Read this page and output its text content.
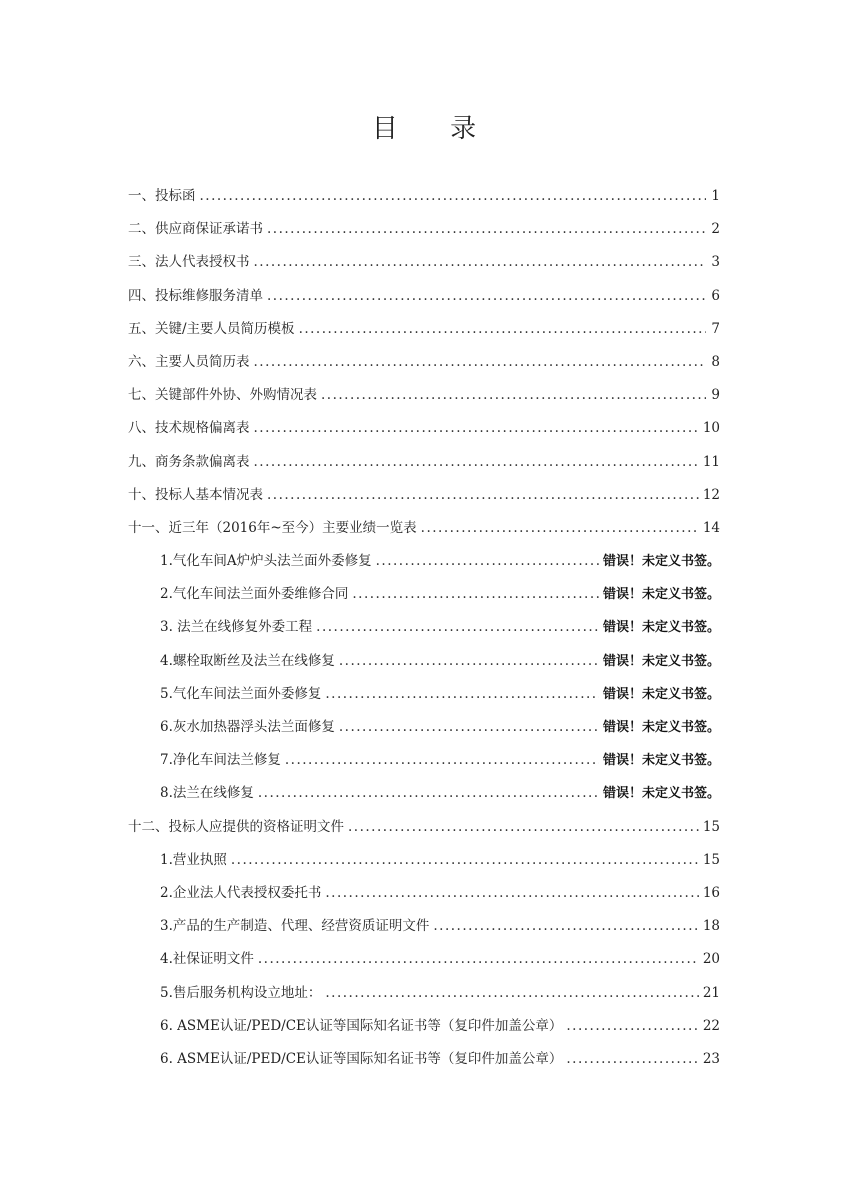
目 录
一、投标函 .....	1
二、供应商保证承诺书 .....	2
三、法人代表授权书 .....	3
四、投标维修服务清单 .....	6
五、关键/主要人员简历模板 .....	7
六、主要人员简历表 .....	8
七、关键部件外协、外购情况表 .....	9
八、技术规格偏离表 .....	10
九、商务条款偏离表 .....	11
十、投标人基本情况表 .....	12
十一、近三年（2016年~至今）主要业绩一览表 .....	14
1.气化车间A炉炉头法兰面外委修复 .....	错误！未定义书签。
2.气化车间法兰面外委维修合同 .....	错误！未定义书签。
3. 法兰在线修复外委工程 .....	错误！未定义书签。
4.螺栓取断丝及法兰在线修复 .....	错误！未定义书签。
5.气化车间法兰面外委修复 .....	错误！未定义书签。
6.灰水加热器浮头法兰面修复 .....	错误！未定义书签。
7.净化车间法兰修复 .....	错误！未定义书签。
8.法兰在线修复 .....	错误！未定义书签。
十二、投标人应提供的资格证明文件 .....	15
1.营业执照 .....	15
2.企业法人代表授权委托书 .....	16
3.产品的生产制造、代理、经营资质证明文件 .....	18
4.社保证明文件 .....	20
5.售后服务机构设立地址： .....	21
6. ASME认证/PED/CE认证等国际知名证书等（复印件加盖公章） .....	22
6. ASME认证/PED/CE认证等国际知名证书等（复印件加盖公章） .....	23
